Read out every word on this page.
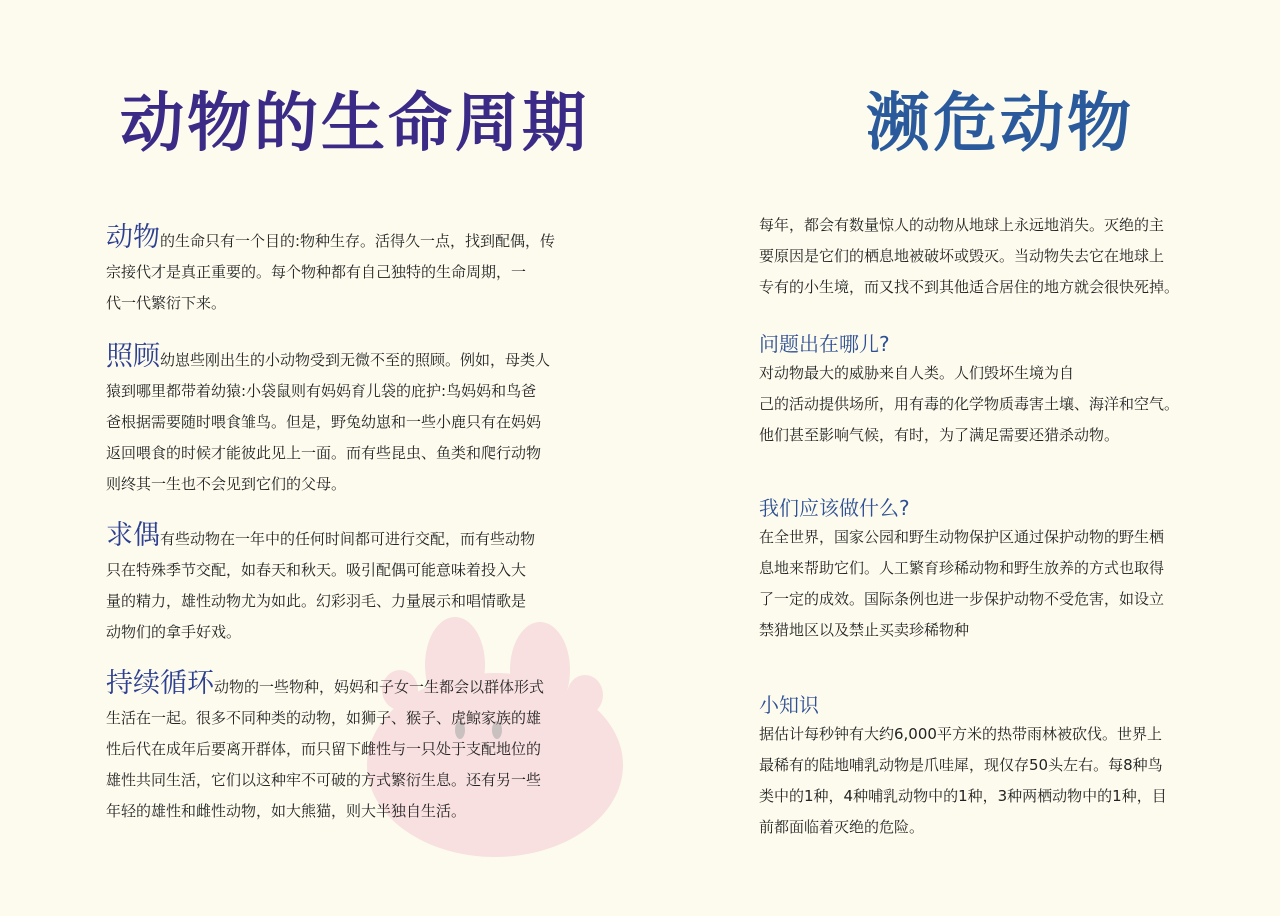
动物的生命周期	濒危动物

动物的生命只有一个目的:物种生存。活得久一点，找到配偶，传

宗接代才是真正重要的。每个物种都有自己独特的生命周期，一

代一代繁衍下来。

照顾幼崽些刚出生的小动物受到无微不至的照顾。例如，母类人

猿到哪里都带着幼猿:小袋鼠则有妈妈育儿袋的庇护:鸟妈妈和鸟爸

爸根据需要随时喂食雏鸟。但是，野兔幼崽和一些小鹿只有在妈妈

返回喂食的时候才能彼此见上一面。而有些昆虫、鱼类和爬行动物

则终其一生也不会见到它们的父母。

求偶有些动物在一年中的任何时间都可进行交配，而有些动物

只在特殊季节交配，如春天和秋天。吸引配偶可能意味着投入大

量的精力，雄性动物尤为如此。幻彩羽毛、力量展示和唱情歌是

动物们的拿手好戏。

持续循环动物的一些物种，妈妈和子女一生都会以群体形式

生活在一起。很多不同种类的动物，如狮子、猴子、虎鲸家族的雄

性后代在成年后要离开群体，而只留下雌性与一只处于支配地位的

雄性共同生活，它们以这种牢不可破的方式繁衍生息。还有另一些

年轻的雄性和雌性动物，如大熊猫，则大半独自生活。

每年，都会有数量惊人的动物从地球上永远地消失。灭绝的主

要原因是它们的栖息地被破坏或毁灭。当动物失去它在地球上

专有的小生境，而又找不到其他适合居住的地方就会很快死掉。

问题出在哪儿?

对动物最大的威胁来自人类。人们毁坏生境为自

己的活动提供场所，用有毒的化学物质毒害土壤、海洋和空气。

他们甚至影响气候，有时，为了满足需要还猎杀动物。

我们应该做什么?

在全世界，国家公园和野生动物保护区通过保护动物的野生栖

息地来帮助它们。人工繁育珍稀动物和野生放养的方式也取得

了一定的成效。国际条例也进一步保护动物不受危害，如设立

禁猎地区以及禁止买卖珍稀物种

小知识

据估计每秒钟有大约6,000平方米的热带雨林被砍伐。世界上

最稀有的陆地哺乳动物是爪哇犀，现仅存50头左右。每8种鸟

类中的1种，4种哺乳动物中的1种，3种两栖动物中的1种，目

前都面临着灭绝的危险。
